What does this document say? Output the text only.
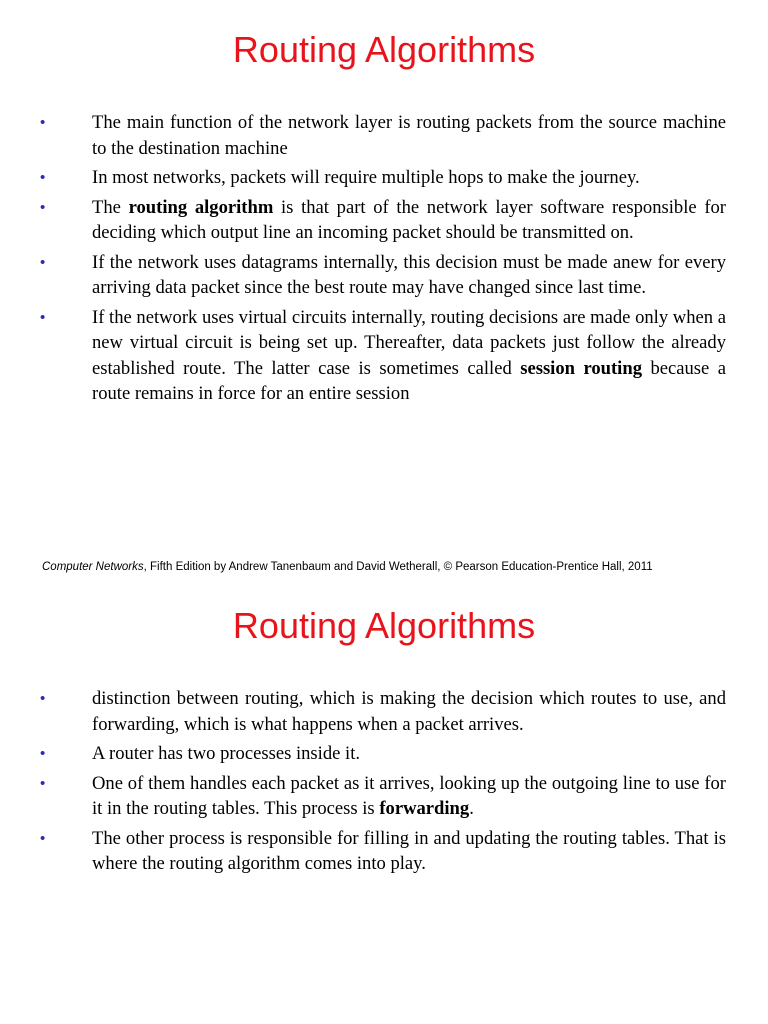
Routing Algorithms
•	The main function of the network layer is routing packets from the source machine to the destination machine
•	In most networks, packets will require multiple hops to make the journey.
•	The routing algorithm is that part of the network layer software responsible for deciding which output line an incoming packet should be transmitted on.
•	If the network uses datagrams internally, this decision must be made anew for every arriving data packet since the best route may have changed since last time.
•	If the network uses virtual circuits internally, routing decisions are made only when a new virtual circuit is being set up. Thereafter, data packets just follow the already established route. The latter case is sometimes called session routing because a route remains in force for an entire session
Computer Networks, Fifth Edition by Andrew Tanenbaum and David Wetherall, © Pearson Education-Prentice Hall, 2011
Routing Algorithms
•	distinction between routing, which is making the decision which routes to use, and forwarding, which is what happens when a packet arrives.
•	A router has two processes inside it.
•	One of them handles each packet as it arrives, looking up the outgoing line to use for it in the routing tables. This process is forwarding.
•	The other process is responsible for filling in and updating the routing tables. That is where the routing algorithm comes into play.
